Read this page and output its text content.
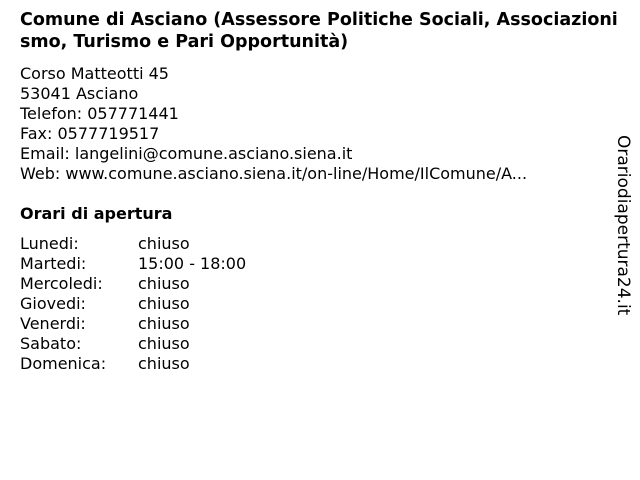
Comune di Asciano (Assessore Politiche Sociali, Associazionismo, Turismo e Pari Opportunità)
Corso Matteotti 45
53041 Asciano
Telefon: 057771441
Fax: 0577719517
Email: langelini@comune.asciano.siena.it
Web: www.comune.asciano.siena.it/on-line/Home/IlComune/A...
Orari di apertura
Lunedi:	chiuso
Martedi:	15:00 - 18:00
Mercoledi: chiuso
Giovedi:	chiuso
Venerdi:	chiuso
Sabato:	chiuso
Domenica: chiuso
Orariodiapertura24.it
